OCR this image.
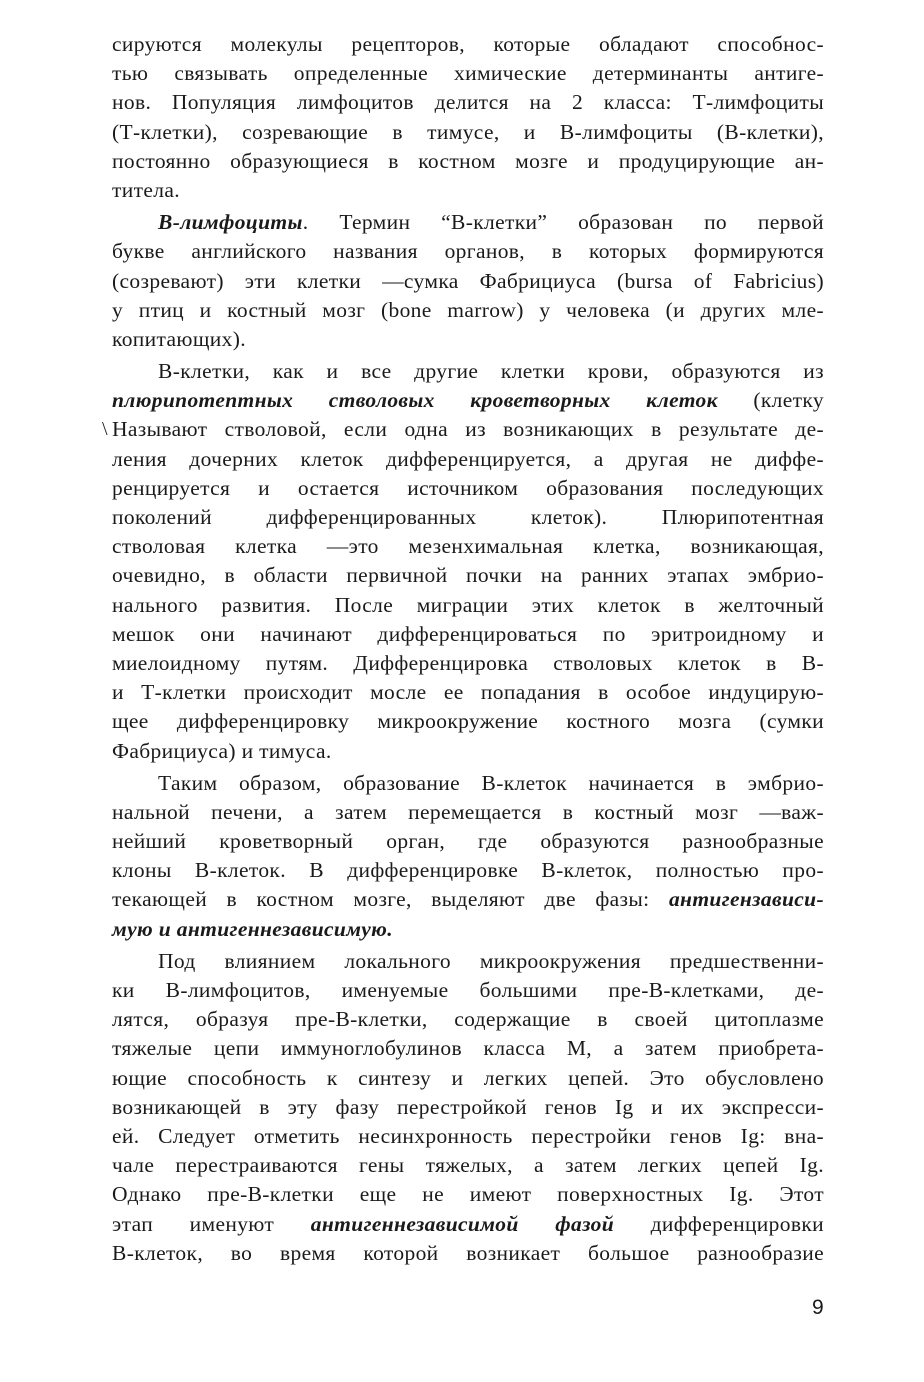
сируются молекулы рецепторов, которые обладают способнос-
тью связывать определенные химические детерминанты антиге-
нов. Популяция лимфоцитов делится на 2 класса: Т-лимфоциты
(Т-клетки), созревающие в тимусе, и В-лимфоциты (В-клетки),
постоянно образующиеся в костном мозге и продуцирующие ан-
титела.
В-лимфоциты. Термин “В-клетки” образован по первой
букве английского названия органов, в которых формируются
(созревают) эти клетки —сумка Фабрициуса (bursa of Fabricius)
у птиц и костный мозг (bone marrow) у человека (и других мле-
копитающих).
В-клетки, как и все другие клетки крови, образуются из
плюрипотептных стволовых кроветворных клеток (клетку
\ Называют стволовой, если одна из возникающих в результате де-
ления дочерних клеток дифференцируется, а другая не диффе-
ренцируется и остается источником образования последующих
поколений дифференцированных клеток). Плюрипотентная
стволовая клетка —это мезенхимальная клетка, возникающая,
очевидно, в области первичной почки на ранних этапах эмбрио-
нального развития. После миграции этих клеток в желточный
мешок они начинают дифференцироваться по эритроидному и
миелоидному путям. Дифференцировка стволовых клеток в В-
и Т-клетки происходит мосле ее попадания в особое индуцирую-
щее дифференцировку микроокружение костного мозга (сумки
Фабрициуса) и тимуса.
Таким образом, образование В-клеток начинается в эмбрио-
нальной печени, а затем перемещается в костный мозг —важ-
нейший кроветворный орган, где образуются разнообразные
клоны В-клеток. В дифференцировке В-клеток, полностью про-
текающей в костном мозге, выделяют две фазы: антигензависи-
мую и антигеннезависимую.
Под влиянием локального микроокружения предшественни-
ки В-лимфоцитов, именуемые большими пре-В-клетками, де-
лятся, образуя пре-В-клетки, содержащие в своей цитоплазме
тяжелые цепи иммуноглобулинов класса М, а затем приобрета-
ющие способность к синтезу и легких цепей. Это обусловлено
возникающей в эту фазу перестройкой генов Ig и их экспресси-
ей. Следует отметить несинхронность перестройки генов Ig: вна-
чале перестраиваются гены тяжелых, а затем легких цепей Ig.
Однако пре-В-клетки еще не имеют поверхностных Ig. Этот
этап именуют антигеннезависимой фазой дифференцировки
В-клеток, во время которой возникает большое разнообразие
9
